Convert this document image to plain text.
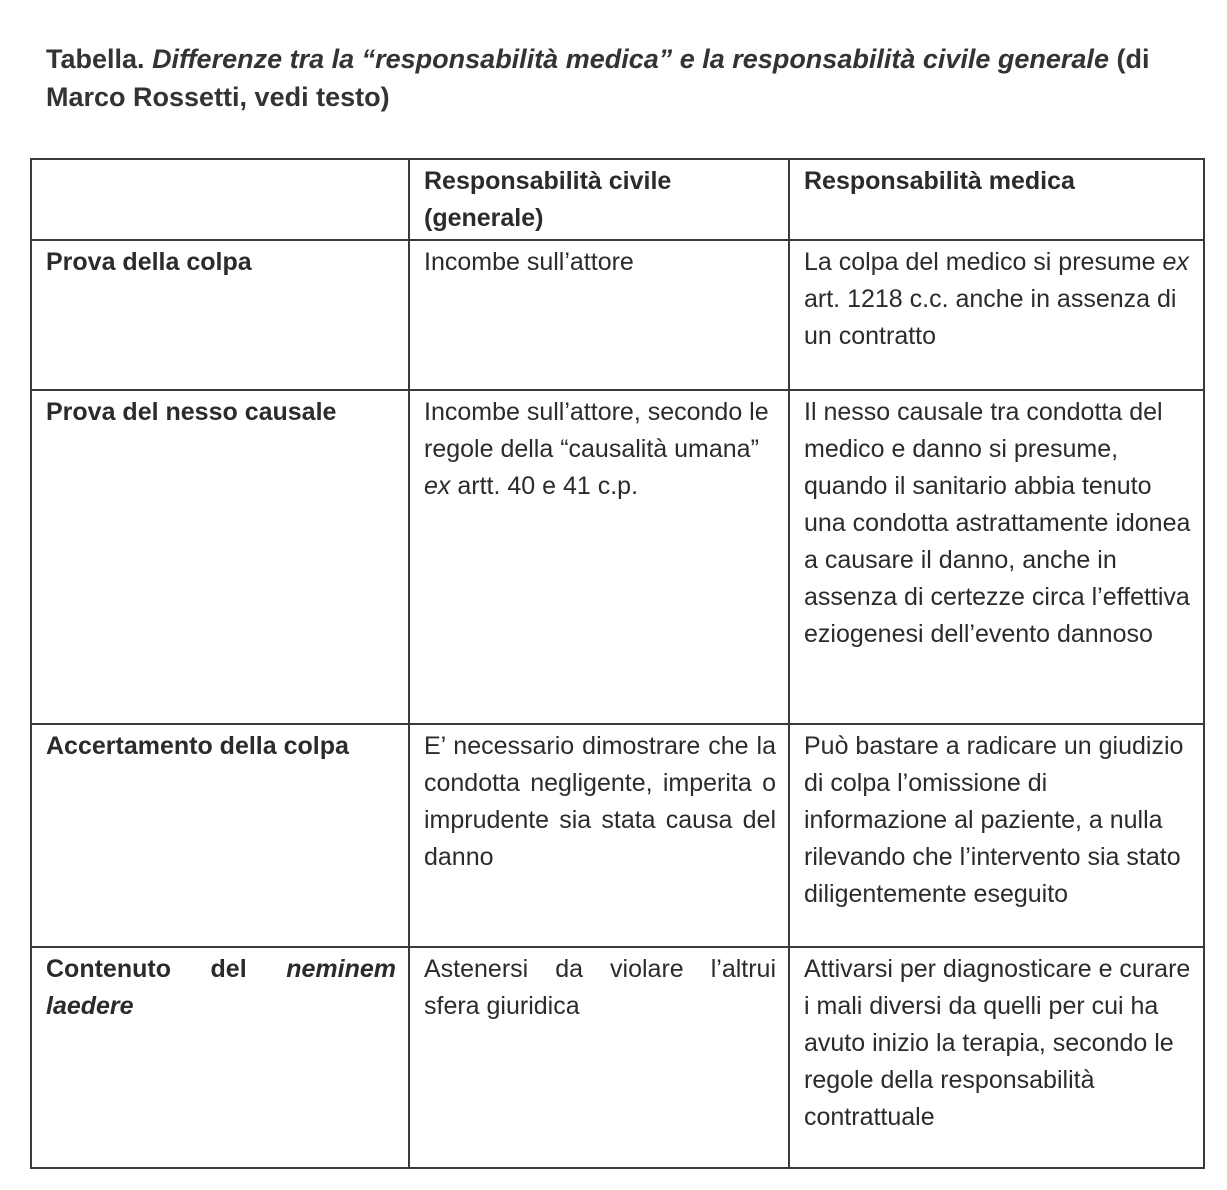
Tabella. Differenze tra la “responsabilità medica” e la responsabilità civile generale (di Marco Rossetti, vedi testo)
	Responsabilità civile (generale)	Responsabilità medica
Prova della colpa	Incombe sull’attore	La colpa del medico si presume ex art. 1218 c.c. anche in assenza di un contratto
Prova del nesso causale	Incombe sull’attore, secondo le regole della “causalità umana” ex artt. 40 e 41 c.p.	Il nesso causale tra condotta del medico e danno si presume, quando il sanitario abbia tenuto una condotta astrattamente idonea a causare il danno, anche in assenza di certezze circa l’effettiva eziogenesi dell’evento dannoso
Accertamento della colpa	E’ necessario dimostrare che la condotta negligente, imperita o imprudente sia stata causa del danno	Può bastare a radicare un giudizio di colpa l’omissione di informazione al paziente, a nulla rilevando che l’intervento sia stato diligentemente eseguito
Contenuto del neminem laedere	Astenersi da violare l’altrui sfera giuridica	Attivarsi per diagnosticare e curare i mali diversi da quelli per cui ha avuto inizio la terapia, secondo le regole della responsabilità contrattuale
